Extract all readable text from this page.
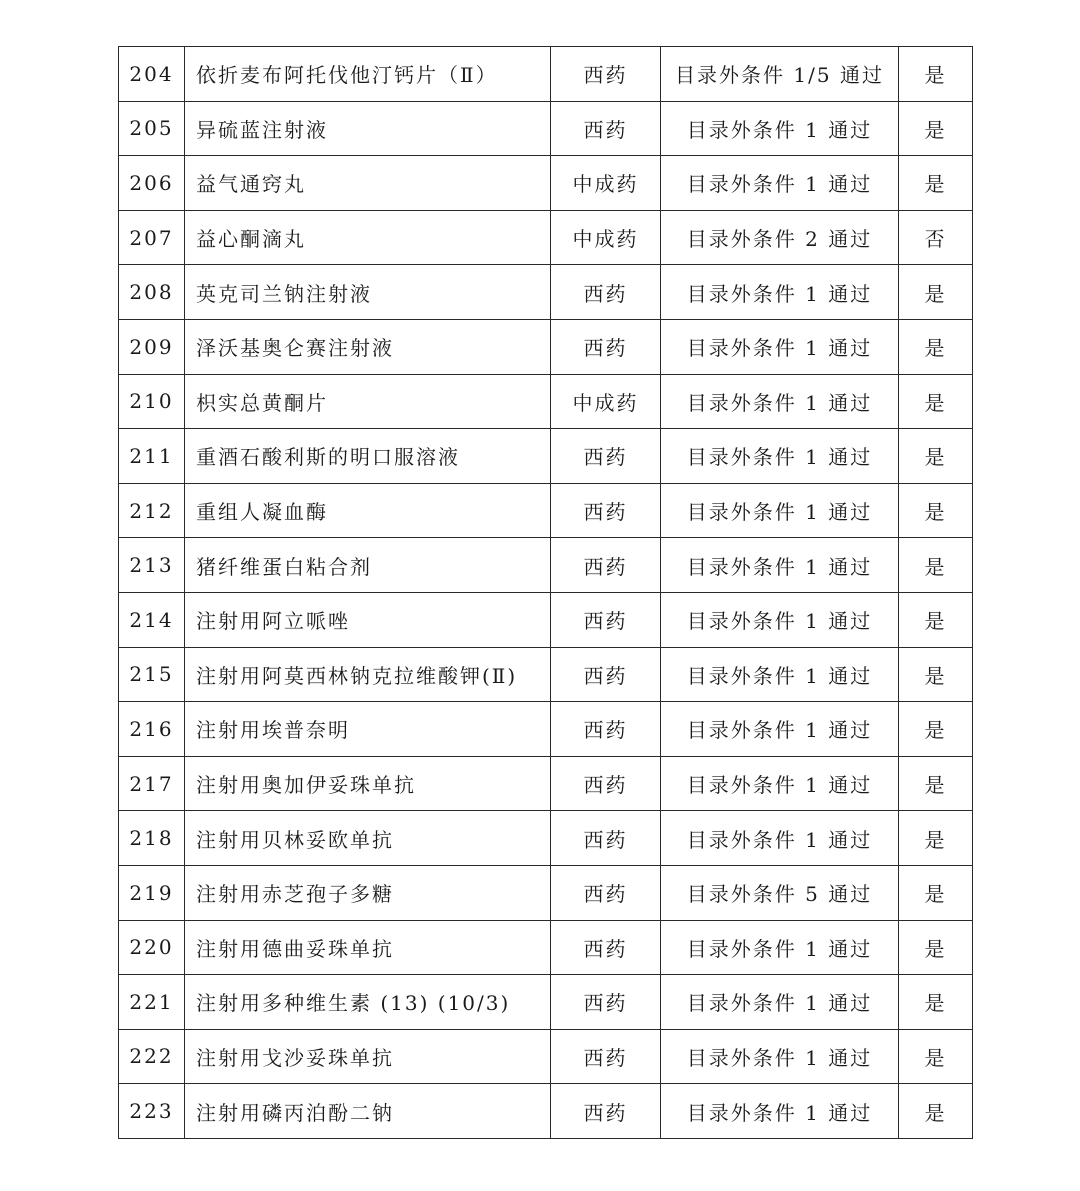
204	依折麦布阿托伐他汀钙片（Ⅱ）	西药	目录外条件 1/5 通过	是
205	异硫蓝注射液	西药	目录外条件 1 通过	是
206	益气通窍丸	中成药	目录外条件 1 通过	是
207	益心酮滴丸	中成药	目录外条件 2 通过	否
208	英克司兰钠注射液	西药	目录外条件 1 通过	是
209	泽沃基奥仑赛注射液	西药	目录外条件 1 通过	是
210	枳实总黄酮片	中成药	目录外条件 1 通过	是
211	重酒石酸利斯的明口服溶液	西药	目录外条件 1 通过	是
212	重组人凝血酶	西药	目录外条件 1 通过	是
213	猪纤维蛋白粘合剂	西药	目录外条件 1 通过	是
214	注射用阿立哌唑	西药	目录外条件 1 通过	是
215	注射用阿莫西林钠克拉维酸钾(Ⅱ)	西药	目录外条件 1 通过	是
216	注射用埃普奈明	西药	目录外条件 1 通过	是
217	注射用奥加伊妥珠单抗	西药	目录外条件 1 通过	是
218	注射用贝林妥欧单抗	西药	目录外条件 1 通过	是
219	注射用赤芝孢子多糖	西药	目录外条件 5 通过	是
220	注射用德曲妥珠单抗	西药	目录外条件 1 通过	是
221	注射用多种维生素 (13) (10/3)	西药	目录外条件 1 通过	是
222	注射用戈沙妥珠单抗	西药	目录外条件 1 通过	是
223	注射用磷丙泊酚二钠	西药	目录外条件 1 通过	是
